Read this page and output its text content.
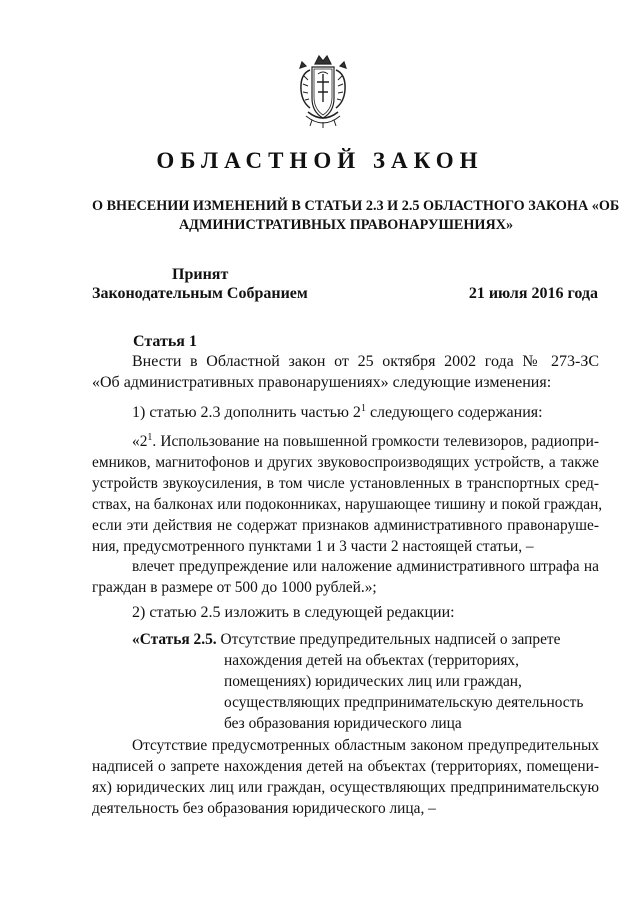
ОБЛАСТНОЙ ЗАКОН
О ВНЕСЕНИИ ИЗМЕНЕНИЙ В СТАТЬИ 2.3 И 2.5 ОБЛАСТНОГО ЗАКОНА «ОБ
АДМИНИСТРАТИВНЫХ ПРАВОНАРУШЕНИЯХ»
Принят
Законодательным Собранием	21 июля 2016 года
Статья 1
Внести в Областной закон от 25 октября 2002 года № 273-ЗС
«Об административных правонарушениях» следующие изменения:
1) статью 2.3 дополнить частью $2^1$ следующего содержания:
«$2^1$. Использование на повышенной громкости телевизоров, радиопри-
емников, магнитофонов и других звуковоспроизводящих устройств, а также
устройств звукоусиления, в том числе установленных в транспортных сред-
ствах, на балконах или подоконниках, нарушающее тишину и покой граждан,
если эти действия не содержат признаков административного правонаруше-
ния, предусмотренного пунктами 1 и 3 части 2 настоящей статьи, –
влечет предупреждение или наложение административного штрафа на
граждан в размере от 500 до 1000 рублей.»;
2) статью 2.5 изложить в следующей редакции:
«Статья 2.5. Отсутствие предупредительных надписей о запрете
нахождения детей на объектах (территориях,
помещениях) юридических лиц или граждан,
осуществляющих предпринимательскую деятельность
без образования юридического лица
Отсутствие предусмотренных областным законом предупредительных
надписей о запрете нахождения детей на объектах (территориях, помещени-
ях) юридических лиц или граждан, осуществляющих предпринимательскую
деятельность без образования юридического лица, –
